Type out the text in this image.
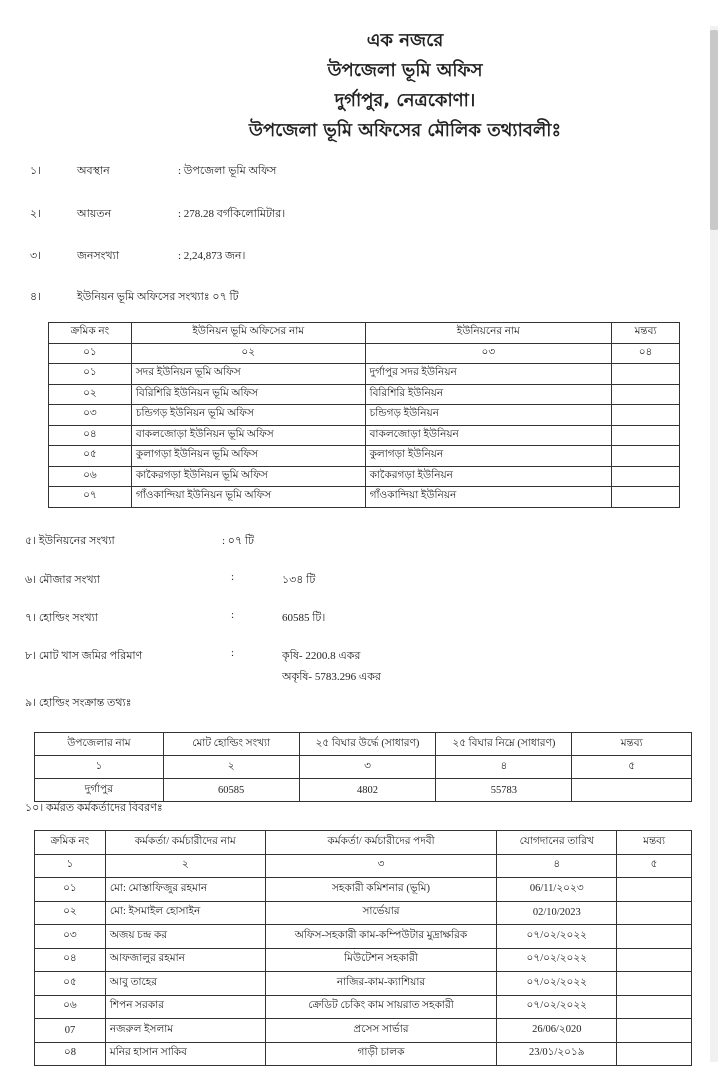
এক নজরে
উপজেলা ভূমি অফিস
দুর্গাপুর, নেত্রকোণা।
উপজেলা ভূমি অফিসের মৌলিক তথ্যাবলীঃ
১।	অবস্থান	: উপজেলা ভূমি অফিস
২।	আয়তন	: 278.28 বর্গকিলোমিটার।
৩।	জনসংখ্যা	: 2,24,873 জন।
৪।	ইউনিয়ন ভূমি অফিসের সংখ্যাঃ ০৭ টি
ক্রমিক নং	ইউনিয়ন ভূমি অফিসের নাম	ইউনিয়নের নাম	মন্তব্য
০১	০২	০৩	০৪
০১	সদর ইউনিয়ন ভূমি অফিস	দুর্গাপুর সদর ইউনিয়ন	
০২	বিরিশিরি ইউনিয়ন ভূমি অফিস	বিরিশিরি ইউনিয়ন	
০৩	চন্ডিগড় ইউনিয়ন ভূমি অফিস	চন্ডিগড় ইউনিয়ন	
০৪	বাকলজোড়া ইউনিয়ন ভূমি অফিস	বাকলজোড়া ইউনিয়ন	
০৫	কুলাগড়া ইউনিয়ন ভূমি অফিস	কুলাগড়া ইউনিয়ন	
০৬	কাকৈরগড়া ইউনিয়ন ভূমি অফিস	কাকৈরগড়া ইউনিয়ন	
০৭	গাঁওকান্দিয়া ইউনিয়ন ভূমি অফিস	গাঁওকান্দিয়া ইউনিয়ন	
৫। ইউনিয়নের সংখ্যা	: ০৭ টি
৬। মৌজার সংখ্যা	:	১৩৪ টি
৭। হোল্ডিং সংখ্যা	:	60585 টি।
৮। মোট খাস জমির পরিমাণ	:	কৃষি- 2200.8 একর
অকৃষি- 5783.296 একর
৯। হোল্ডিং সংক্রান্ত তথ্যঃ
উপজেলার নাম	মোট হোল্ডিং সংখ্যা	২৫ বিঘার উর্দ্ধে (সাধারণ)	২৫ বিঘার নিম্নে (সাধারণ)	মন্তব্য
১	২	৩	৪	৫
দুর্গাপুর	60585	4802	55783	
১০। কর্মরত কর্মকর্তাদের বিবরণঃ
ক্রমিক নং	কর্মকর্তা/ কর্মচারীদের নাম	কর্মকর্তা/ কর্মচারীদের পদবী	যোগদানের তারিখ	মন্তব্য
১	২	৩	৪	৫
০১	মো: মোস্তাফিজুর রহমান	সহকারী কমিশনার (ভূমি)	06/11/২০২৩	
০২	মো: ইসমাইল হোসাইন	সার্ভেয়ার	02/10/2023	
০৩	অজয় চন্দ্র কর	অফিস-সহকারী কাম-কম্পিউটার মুদ্রাক্ষরিক	০৭/০২/২০২২	
০৪	আফজালুর রহমান	মিউটেশন সহকারী	০৭/০২/২০২২	
০৫	আবু তাহের	নাজির-কাম-ক্যাশিয়ার	০৭/০২/২০২২	
০৬	শিপন সরকার	ক্রেডিট চেকিং কাম সায়রাত সহকারী	০৭/০২/২০২২	
07	নজরুল ইসলাম	প্রসেস সার্ভার	26/06/২020	
০8	মনির হাসান সাকিব	গাড়ী চালক	23/0১/২০১৯	
